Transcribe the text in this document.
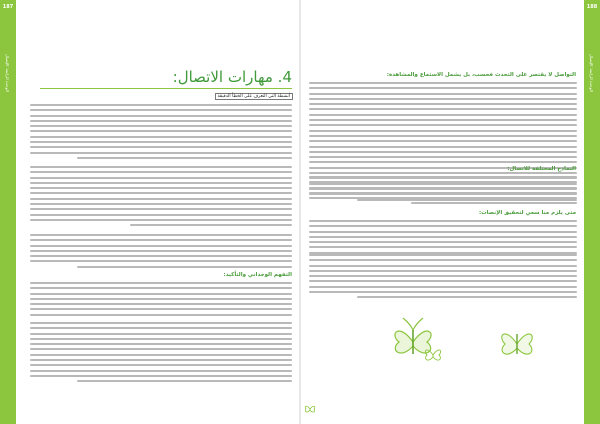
187
الوحدة الرابعة: الإتصال
188
الوحدة الرابعة: الإتصال
4. مهارات الاتصال:
أنشطة التي التعرف على الخطأ الدقيقة
التفهم الوجداني والتأكيد:
التواصل لا يقتصر على التحدث فحسب، بل يشمل الاستماع والمشاهدة:
النماذج المختلفة للاتصال:
متى يلزم منا سعي لتحقيق الإنصات:
